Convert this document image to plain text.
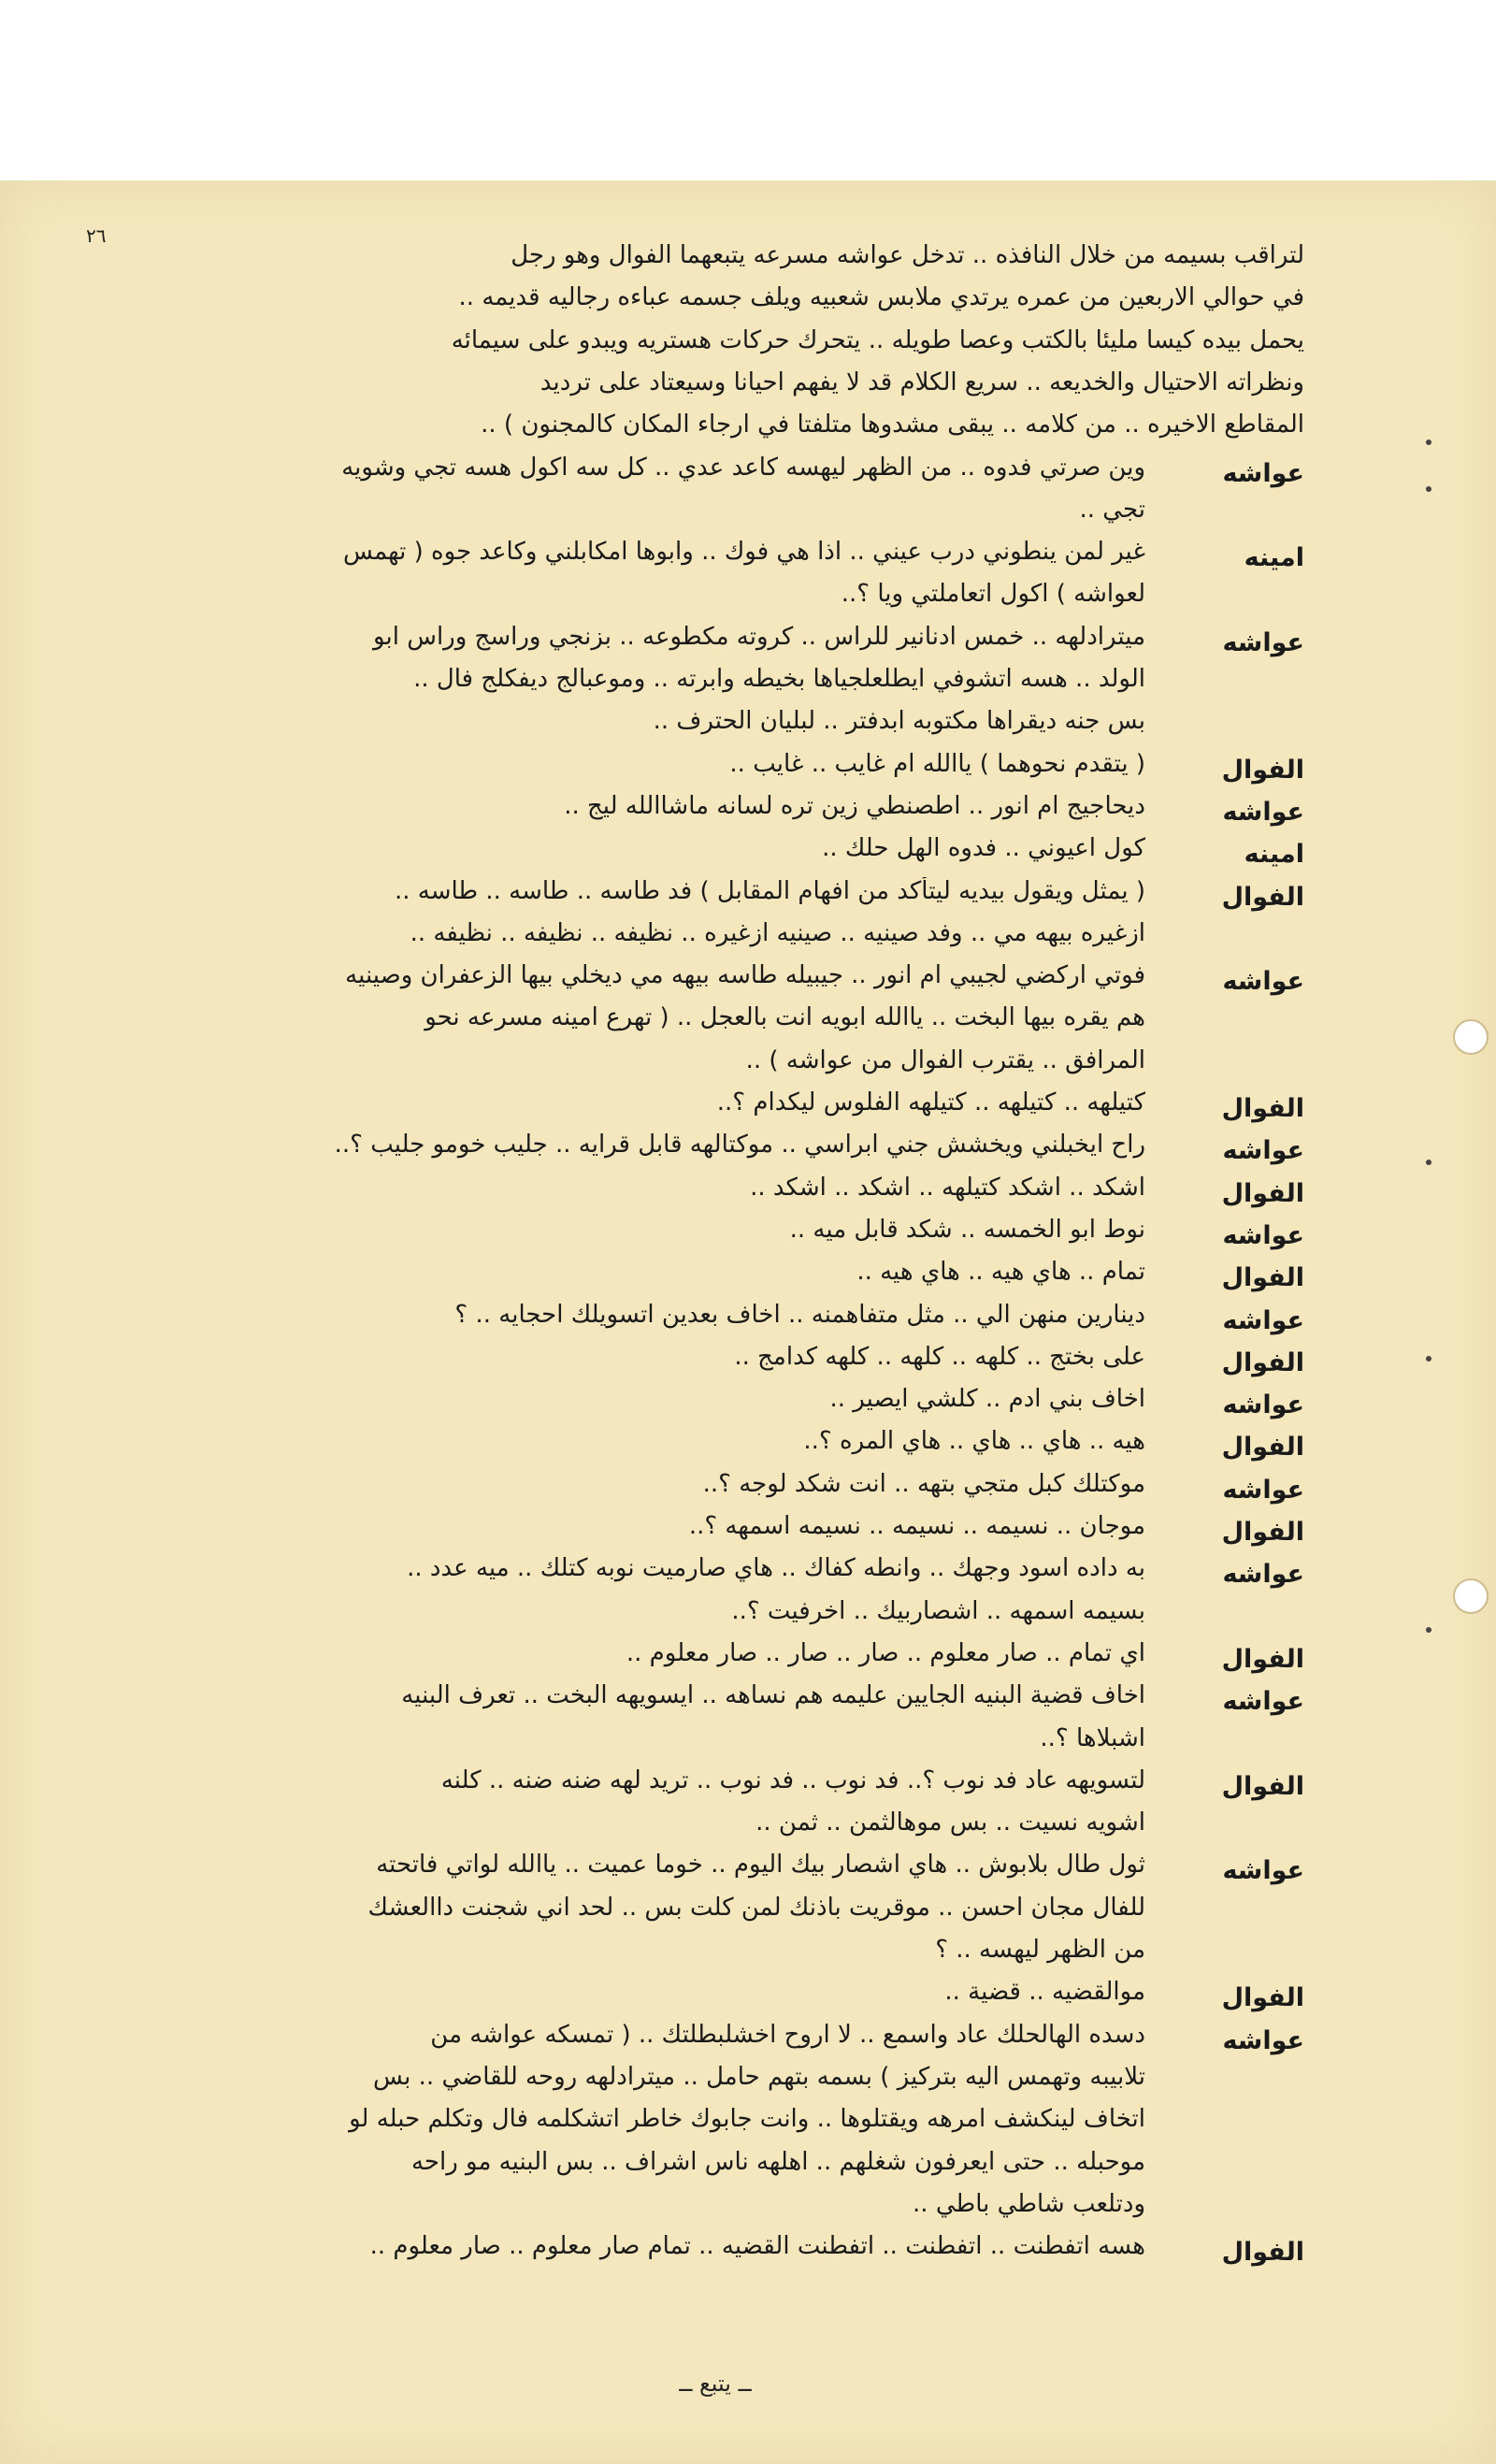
٢٦
لتراقب بسيمه من خلال النافذه .. تدخل عواشه مسرعه يتبعهما الفوال وهو رجل
في حوالي الاربعين من عمره يرتدي ملابس شعبيه ويلف جسمه عباءه رجاليه قديمه ..
يحمل بيده كيسا مليئا بالكتب وعصا طويله .. يتحرك حركات هستريه ويبدو على سيمائه
ونظراته الاحتيال والخديعه .. سريع الكلام قد لا يفهم احيانا وسيعتاد على ترديد
المقاطع الاخيره .. من كلامه .. يبقى مشدوها متلفتا في ارجاء المكان كالمجنون ) ..
عواشه
وين صرتي فدوه .. من الظهر ليهسه كاعد عدي .. كل سه اكول هسه تجي وشويه
تجي ..
امينه
غير لمن ينطوني درب عيني .. اذا هي فوك .. وابوها امكابلني وكاعد جوه ( تهمس
لعواشه ) اكول اتعاملتي ويا ؟..
عواشه
ميترادلهه .. خمس ادنانير للراس .. كروته مكطوعه .. بزنجي وراسج وراس ابو
الولد .. هسه اتشوفي ايطلعلجياها بخيطه وابرته .. وموعبالج ديفكلج فال ..
بس جنه ديقراها مكتوبه ابدفتر .. لبليان الحترف ..
الفوال
( يتقدم نحوهما ) ياالله ام غايب .. غايب ..
عواشه
ديحاجيج ام انور .. اطصنطي زين تره لسانه ماشاالله ليج ..
امينه
كول اعيوني .. فدوه الهل حلك ..
الفوال
( يمثل ويقول بيديه ليتأكد من افهام المقابل ) فد طاسه .. طاسه .. طاسه ..
ازغيره بيهه مي .. وفد صينيه .. صينيه ازغيره .. نظيفه .. نظيفه .. نظيفه ..
عواشه
فوتي اركضي لجيبي ام انور .. جيبيله طاسه بيهه مي ديخلي بيها الزعفران وصينيه
هم يقره بيها البخت .. ياالله ابويه انت بالعجل .. ( تهرع امينه مسرعه نحو
المرافق .. يقترب الفوال من عواشه ) ..
الفوال
كتيلهه .. كتيلهه .. كتيلهه الفلوس ليكدام ؟..
عواشه
راح ايخبلني ويخشش جني ابراسي .. موكتالهه قابل قرايه .. جليب خومو جليب ؟..
الفوال
اشكد .. اشكد كتيلهه .. اشكد .. اشكد ..
عواشه
نوط ابو الخمسه .. شكد قابل ميه ..
الفوال
تمام .. هاي هيه .. هاي هيه ..
عواشه
دينارين منهن الي .. مثل متفاهمنه .. اخاف بعدين اتسويلك احجايه .. ؟
الفوال
على بختج .. كلهه .. كلهه .. كلهه كدامج ..
عواشه
اخاف بني ادم .. كلشي ايصير ..
الفوال
هيه .. هاي .. هاي .. هاي المره ؟..
عواشه
موكتلك كبل متجي بتهه .. انت شكد لوجه ؟..
الفوال
موجان .. نسيمه .. نسيمه .. نسيمه اسمهه ؟..
عواشه
به داده اسود وجهك .. وانطه كفاك .. هاي صارميت نوبه كتلك .. ميه عدد ..
بسيمه اسمهه .. اشصاربيك .. اخرفيت ؟..
الفوال
اي تمام .. صار معلوم .. صار .. صار .. صار معلوم ..
عواشه
اخاف قضية البنيه الجايين عليمه هم نساهه .. ايسويهه البخت .. تعرف البنيه
اشبلاها ؟..
الفوال
لتسويهه عاد فد نوب ؟.. فد نوب .. فد نوب .. تريد لهه ضنه ضنه .. كلنه
اشويه نسيت .. بس موهالثمن .. ثمن ..
عواشه
ثول طال بلابوش .. هاي اشصار بيك اليوم .. خوما عميت .. ياالله لواتي فاتحته
للفال مجان احسن .. موقريت باذنك لمن كلت بس .. لحد اني شجنت داالعشك
من الظهر ليهسه .. ؟
الفوال
موالقضيه .. قضية ..
عواشه
دسده الهالحلك عاد واسمع .. لا اروح اخشلبطلتك .. ( تمسكه عواشه من
تلابيبه وتهمس اليه بتركيز ) بسمه بتهم حامل .. ميترادلهه روحه للقاضي .. بس
اتخاف لينكشف امرهه ويقتلوها .. وانت جابوك خاطر اتشكلمه فال وتكلم حبله لو
موحبله .. حتى ايعرفون شغلهم .. اهلهه ناس اشراف .. بس البنيه مو راحه
ودتلعب شاطي باطي ..
الفوال
هسه اتفطنت .. اتفطنت .. اتفطنت القضيه .. تمام صار معلوم .. صار معلوم ..
ــ يتبع ــ
